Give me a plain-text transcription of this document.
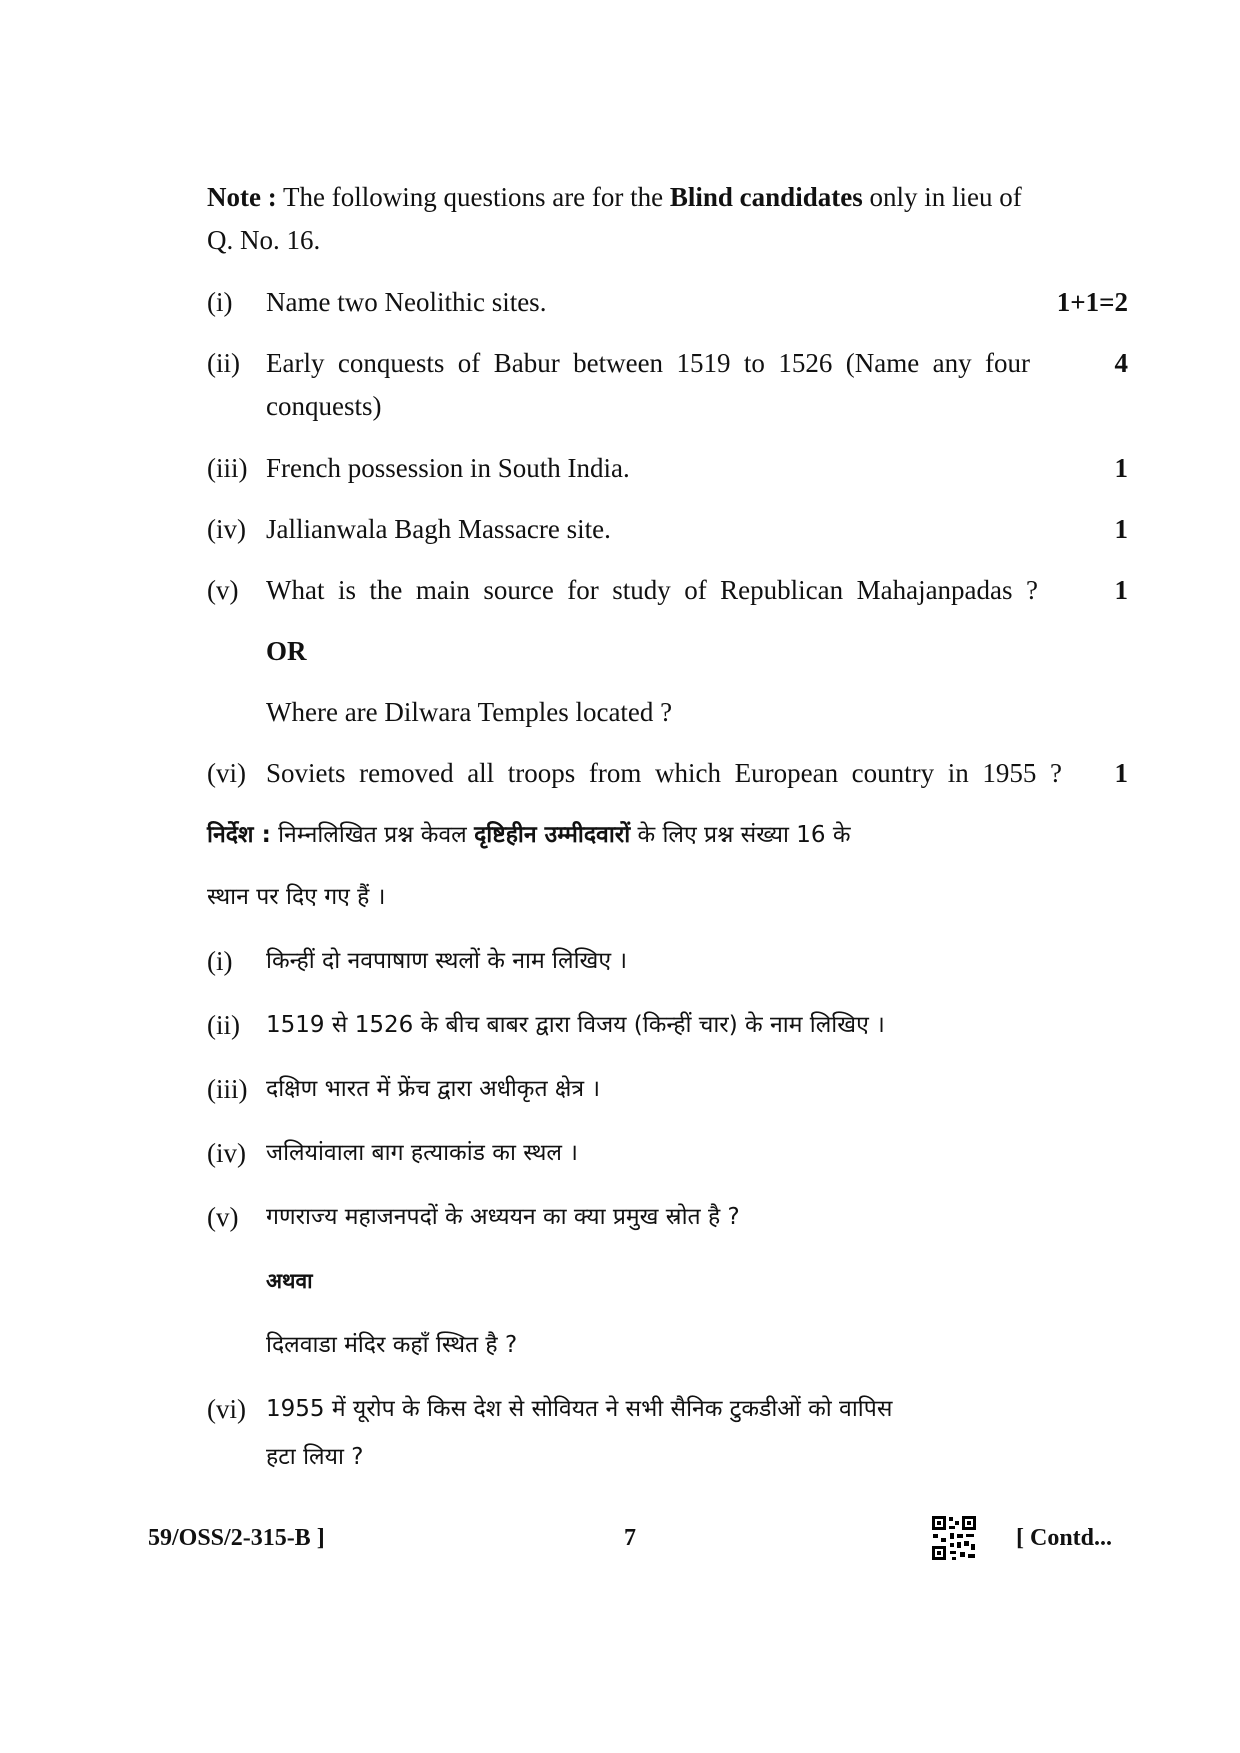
Note : The following questions are for the Blind candidates only in lieu of
Q. No. 16.
(i) Name two Neolithic sites.	1+1=2
(ii) Early conquests of Babur between 1519 to 1526 (Name any four
conquests)
4
(iii) French possession in South India.	1
(iv) Jallianwala Bagh Massacre site.	1
(v) What is the main source for study of Republican Mahajanpadas ?	1
OR
Where are Dilwara Temples located ?
(vi) Soviets removed all troops from which European country in 1955 ?	1
निर्देश : निम्नलिखित प्रश्न केवल दृष्टिहीन उम्मीदवारों के लिए प्रश्न संख्या 16 के
स्थान पर दिए गए हैं ।
(i) किन्हीं दो नवपाषाण स्थलों के नाम लिखिए ।
(ii) 1519 से 1526 के बीच बाबर द्वारा विजय (किन्हीं चार) के नाम लिखिए ।
(iii) दक्षिण भारत में फ्रेंच द्वारा अधीकृत क्षेत्र ।
(iv) जलियांवाला बाग हत्याकांड का स्थल ।
(v) गणराज्य महाजनपदों के अध्ययन का क्या प्रमुख स्रोत है ?
अथवा
दिलवाडा मंदिर कहाँ स्थित है ?
(vi) 1955 में यूरोप के किस देश से सोवियत ने सभी सैनिक टुकडीओं को वापिस
हटा लिया ?
59/OSS/2-315-B ]	7	[ Contd...
